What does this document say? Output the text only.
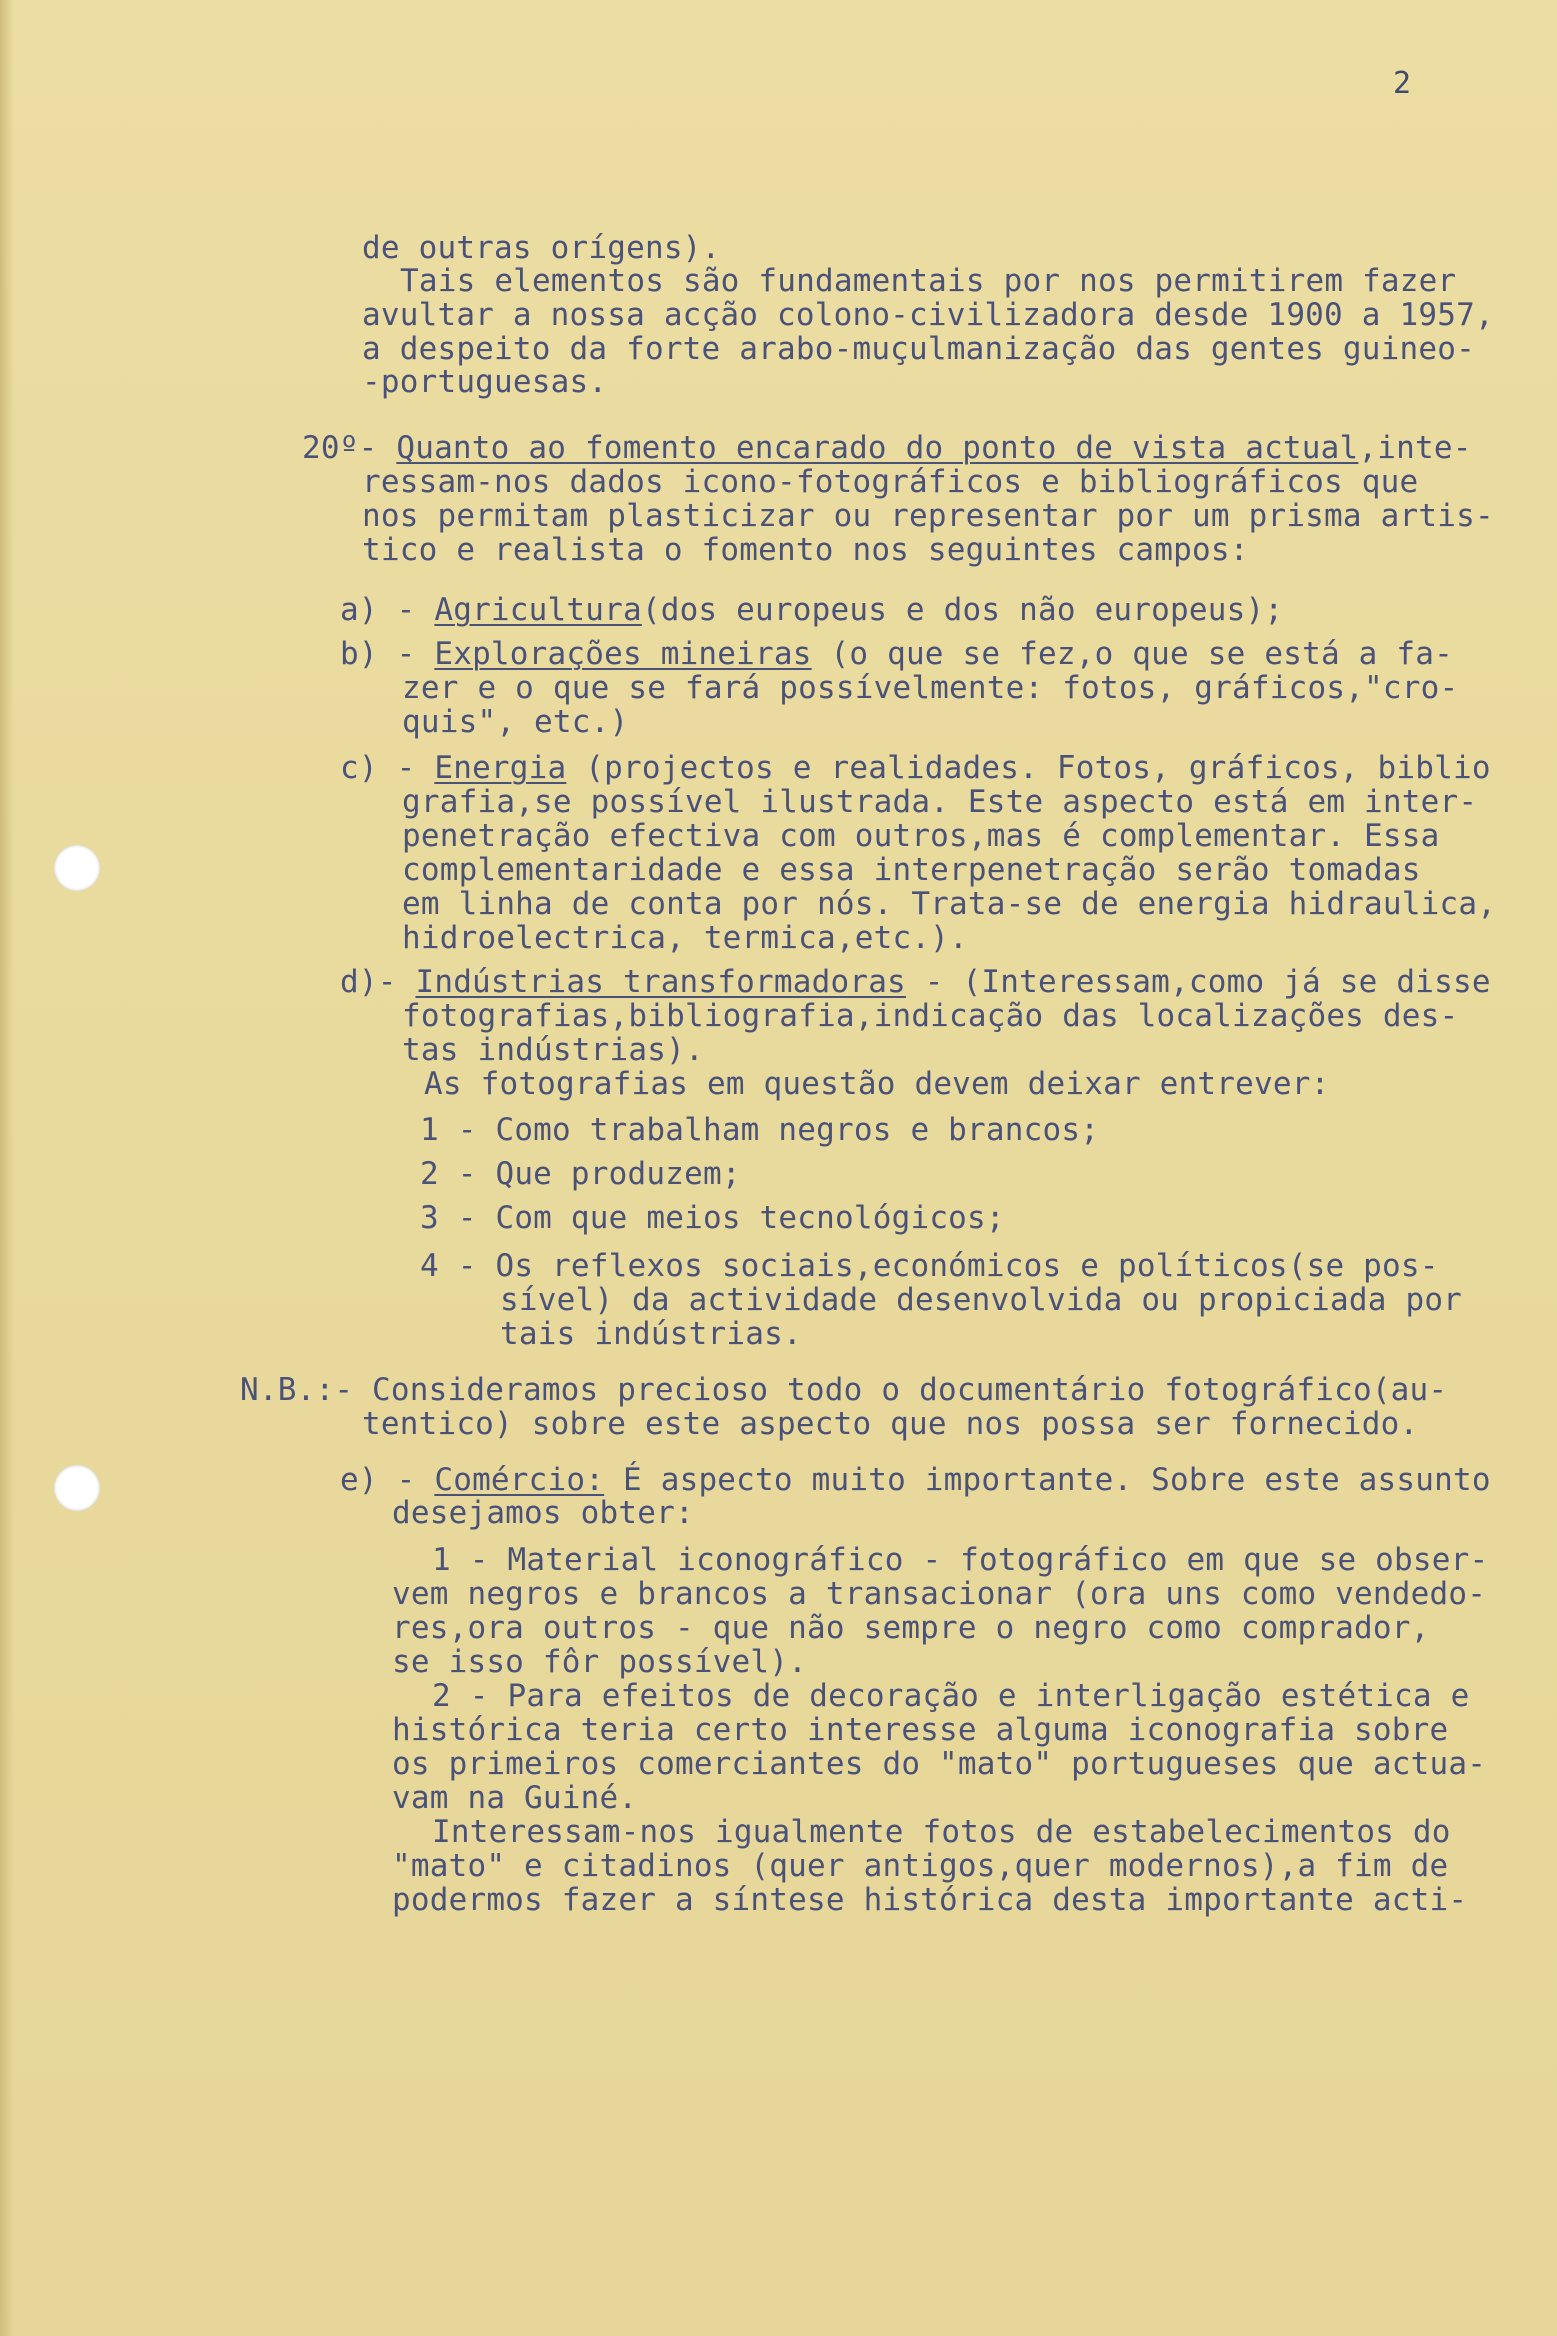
2
de outras orígens).
Tais elementos são fundamentais por nos permitirem fazer
avultar a nossa acção colono-civilizadora desde 1900 a 1957,
a despeito da forte arabo-muçulmanização das gentes guineo-
-portuguesas.
20º- Quanto ao fomento encarado do ponto de vista actual,inte-
ressam-nos dados icono-fotográficos e bibliográficos que
nos permitam plasticizar ou representar por um prisma artis-
tico e realista o fomento nos seguintes campos:
a) - Agricultura(dos europeus e dos não europeus);
b) - Explorações mineiras (o que se fez,o que se está a fa-
zer e o que se fará possívelmente: fotos, gráficos,"cro-
quis", etc.)
c) - Energia (projectos e realidades. Fotos, gráficos, biblio
grafia,se possível ilustrada. Este aspecto está em inter-
penetração efectiva com outros,mas é complementar. Essa
complementaridade e essa interpenetração serão tomadas
em linha de conta por nós. Trata-se de energia hidraulica,
hidroelectrica, termica,etc.).
d)- Indústrias transformadoras - (Interessam,como já se disse
fotografias,bibliografia,indicação das localizações des-
tas indústrias).
As fotografias em questão devem deixar entrever:
1 - Como trabalham negros e brancos;
2 - Que produzem;
3 - Com que meios tecnológicos;
4 - Os reflexos sociais,económicos e políticos(se pos-
sível) da actividade desenvolvida ou propiciada por
tais indústrias.
N.B.:- Consideramos precioso todo o documentário fotográfico(au-
tentico) sobre este aspecto que nos possa ser fornecido.
e) - Comércio: É aspecto muito importante. Sobre este assunto
desejamos obter:
1 - Material iconográfico - fotográfico em que se obser-
vem negros e brancos a transacionar (ora uns como vendedo-
res,ora outros - que não sempre o negro como comprador,
se isso fôr possível).
2 - Para efeitos de decoração e interligação estética e
histórica teria certo interesse alguma iconografia sobre
os primeiros comerciantes do "mato" portugueses que actua-
vam na Guiné.
Interessam-nos igualmente fotos de estabelecimentos do
"mato" e citadinos (quer antigos,quer modernos),a fim de
podermos fazer a síntese histórica desta importante acti-
